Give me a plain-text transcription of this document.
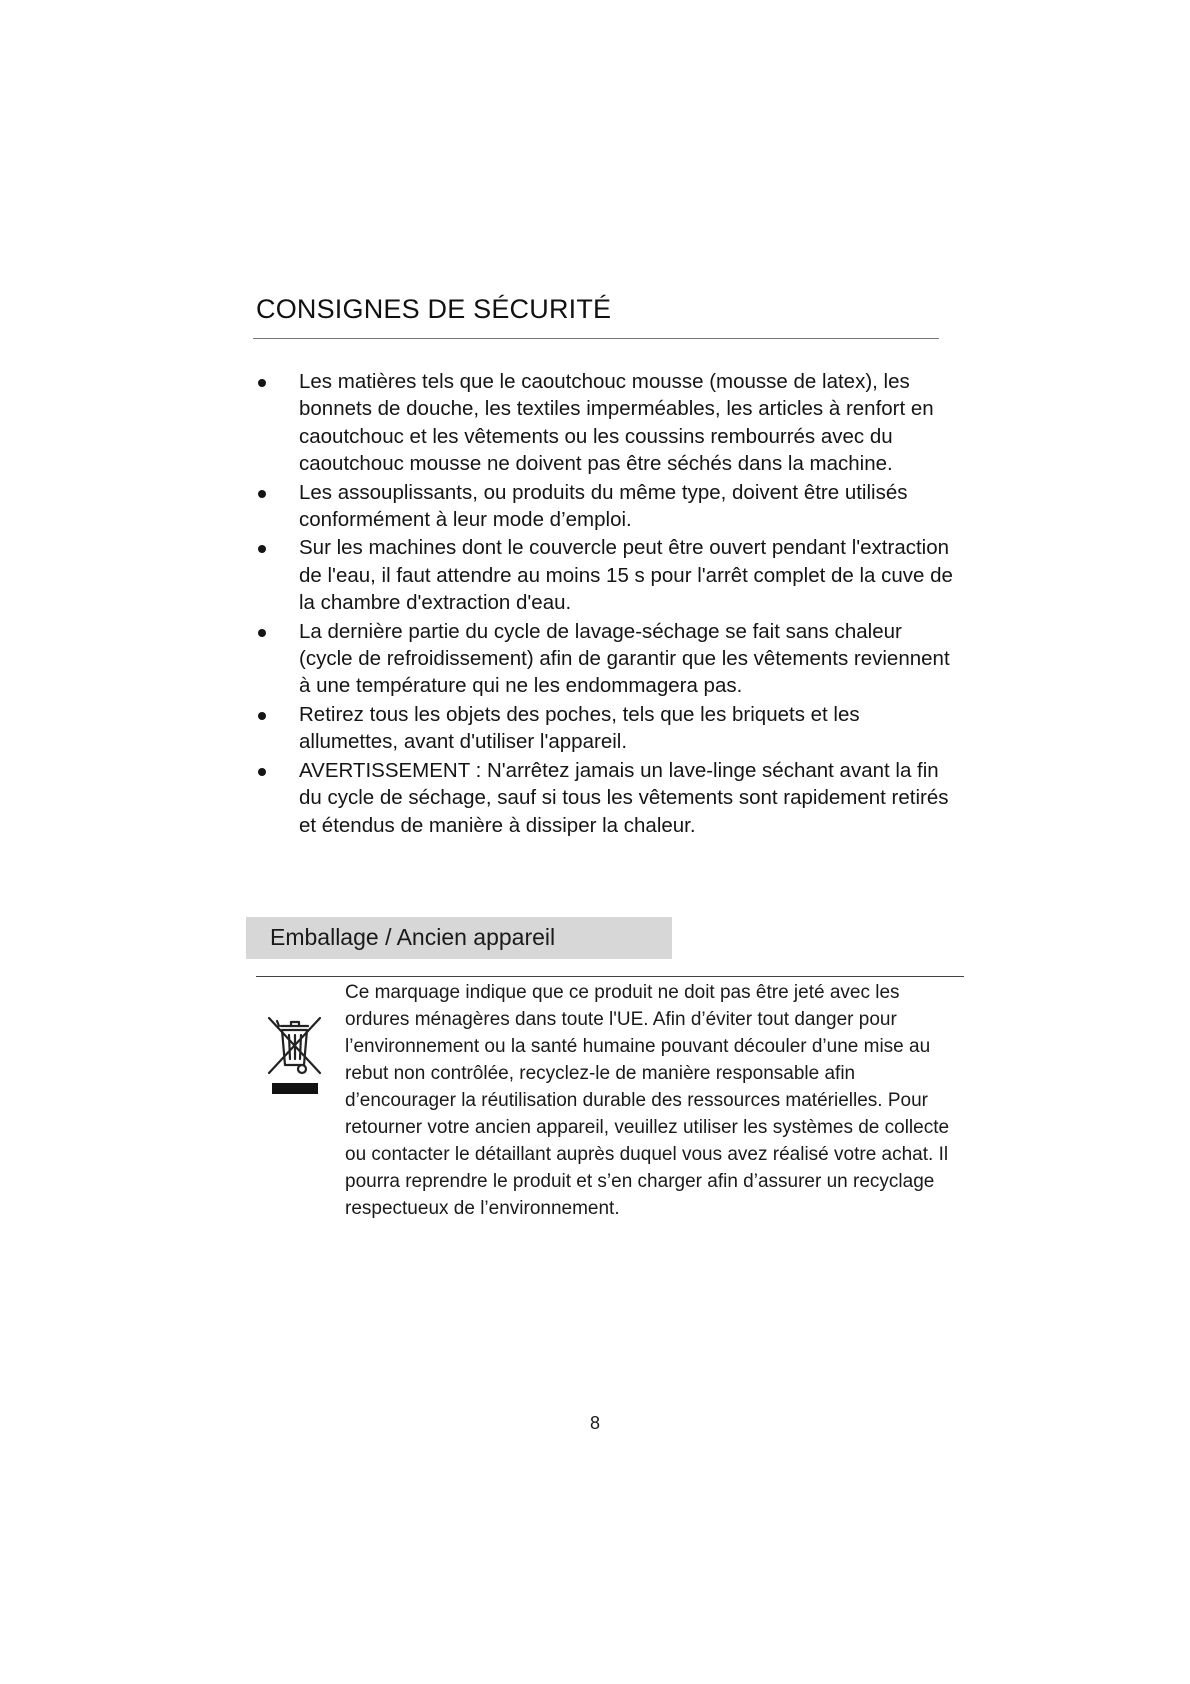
CONSIGNES DE SÉCURITÉ
Les matières tels que le caoutchouc mousse (mousse de latex), les bonnets de douche, les textiles imperméables, les articles à renfort en caoutchouc et les vêtements ou les coussins rembourrés avec du caoutchouc mousse ne doivent pas être séchés dans la machine.
Les assouplissants, ou produits du même type, doivent être utilisés conformément à leur mode d’emploi.
Sur les machines dont le couvercle peut être ouvert pendant l'extraction de l'eau, il faut attendre au moins 15 s pour l'arrêt complet de la cuve de la chambre d'extraction d'eau.
La dernière partie du cycle de lavage-séchage se fait sans chaleur (cycle de refroidissement) afin de garantir que les vêtements reviennent à une température qui ne les endommagera pas.
Retirez tous les objets des poches, tels que les briquets et les allumettes, avant d'utiliser l'appareil.
AVERTISSEMENT : N'arrêtez jamais un lave-linge séchant avant la fin du cycle de séchage, sauf si tous les vêtements sont rapidement retirés et étendus de manière à dissiper la chaleur.
Emballage / Ancien appareil

Ce marquage indique que ce produit ne doit pas être jeté avec les ordures ménagères dans toute l'UE. Afin d’éviter tout danger pour l’environnement ou la santé humaine pouvant découler d’une mise au rebut non contrôlée, recyclez-le de manière responsable afin d’encourager la réutilisation durable des ressources matérielles. Pour retourner votre ancien appareil, veuillez utiliser les systèmes de collecte ou contacter le détaillant auprès duquel vous avez réalisé votre achat. Il pourra reprendre le produit et s’en charger afin d’assurer un recyclage respectueux de l’environnement.

8
